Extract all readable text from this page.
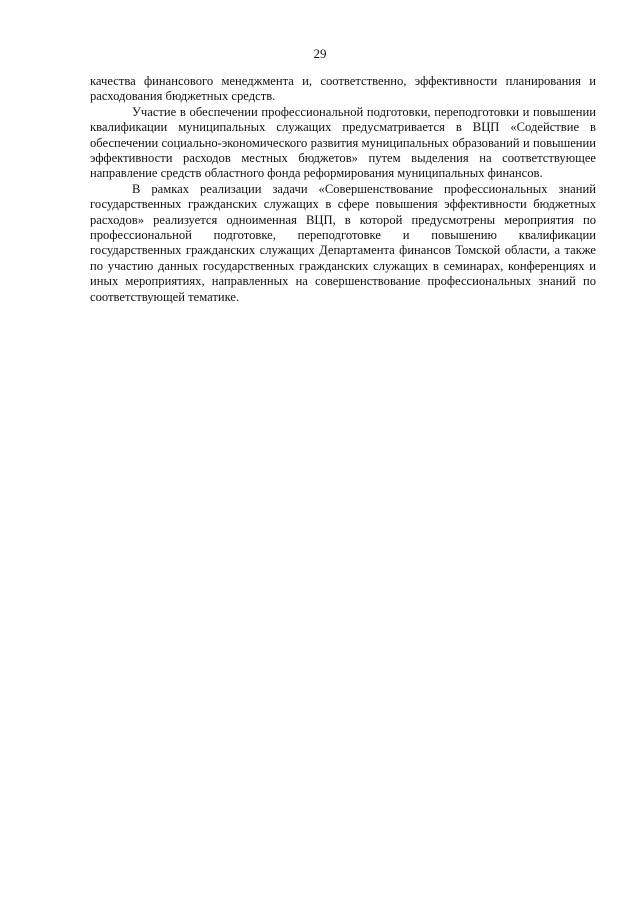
29

качества финансового менеджмента и, соответственно, эффективности планирования и расходования бюджетных средств.

Участие в обеспечении профессиональной подготовки, переподготовки и повышении квалификации муниципальных служащих предусматривается в ВЦП «Содействие в обеспечении социально-экономического развития муниципальных образований и повышении эффективности расходов местных бюджетов» путем выделения на соответствующее направление средств областного фонда реформирования муниципальных финансов.

В рамках реализации задачи «Совершенствование профессиональных знаний государственных гражданских служащих в сфере повышения эффективности бюджетных расходов» реализуется одноименная ВЦП, в которой предусмотрены мероприятия по профессиональной подготовке, переподготовке и повышению квалификации государственных гражданских служащих Департамента финансов Томской области, а также по участию данных государственных гражданских служащих в семинарах, конференциях и иных мероприятиях, направленных на совершенствование профессиональных знаний по соответствующей тематике.
